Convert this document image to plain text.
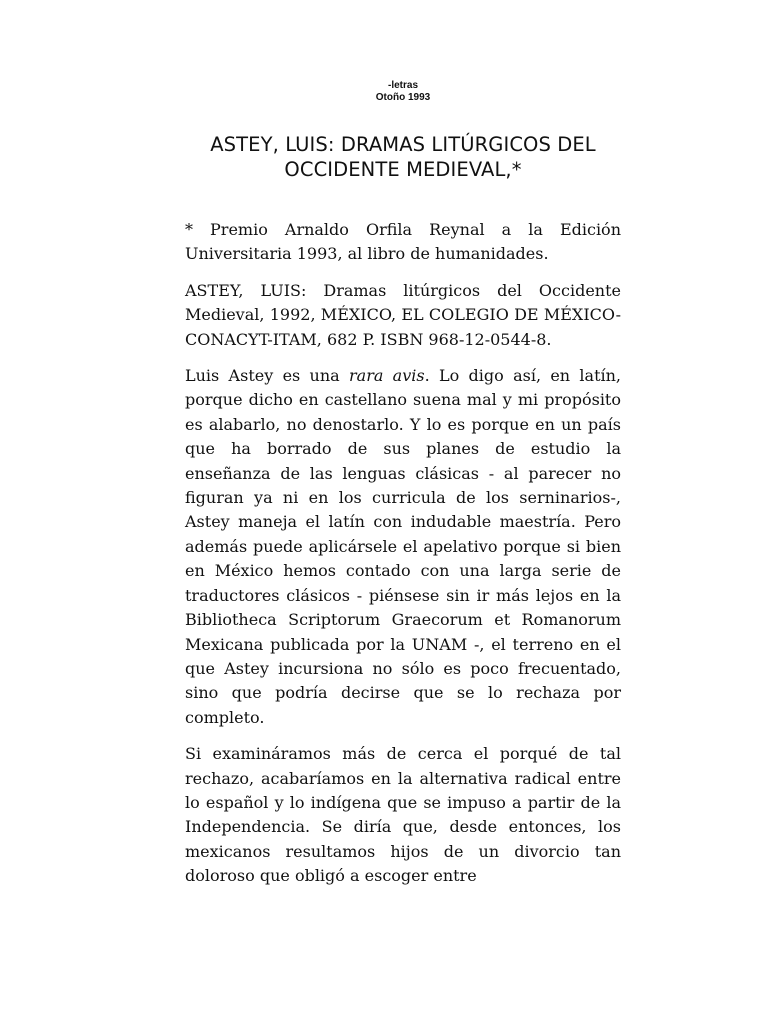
-letras
Otoño 1993
ASTEY, LUIS: DRAMAS LITÚRGICOS DEL OCCIDENTE MEDIEVAL,*

* Premio Arnaldo Orfila Reynal a la Edición Universitaria 1993, al libro de humanidades.

ASTEY, LUIS: Dramas litúrgicos del Occidente Medieval, 1992, MÉXICO, EL COLEGIO DE MÉXICO-CONACYT-ITAM, 682 P. ISBN 968-12-0544-8.

Luis Astey es una rara avis. Lo digo así, en latín, porque dicho en castellano suena mal y mi propósito es alabarlo, no denostarlo. Y lo es porque en un país que ha borrado de sus planes de estudio la enseñanza de las lenguas clásicas - al parecer no figuran ya ni en los curricula de los serninarios-, Astey maneja el latín con indudable maestría. Pero además puede aplicársele el apelativo porque si bien en México hemos contado con una larga serie de traductores clásicos - piénsese sin ir más lejos en la Bibliotheca Scriptorum Graecorum et Romanorum Mexicana publicada por la UNAM -, el terreno en el que Astey incursiona no sólo es poco frecuentado, sino que podría decirse que se lo rechaza por completo.

Si examináramos más de cerca el porqué de tal rechazo, acabaríamos en la alternativa radical entre lo español y lo indígena que se impuso a partir de la Independencia. Se diría que, desde entonces, los mexicanos resultamos hijos de un divorcio tan doloroso que obligó a escoger entre
